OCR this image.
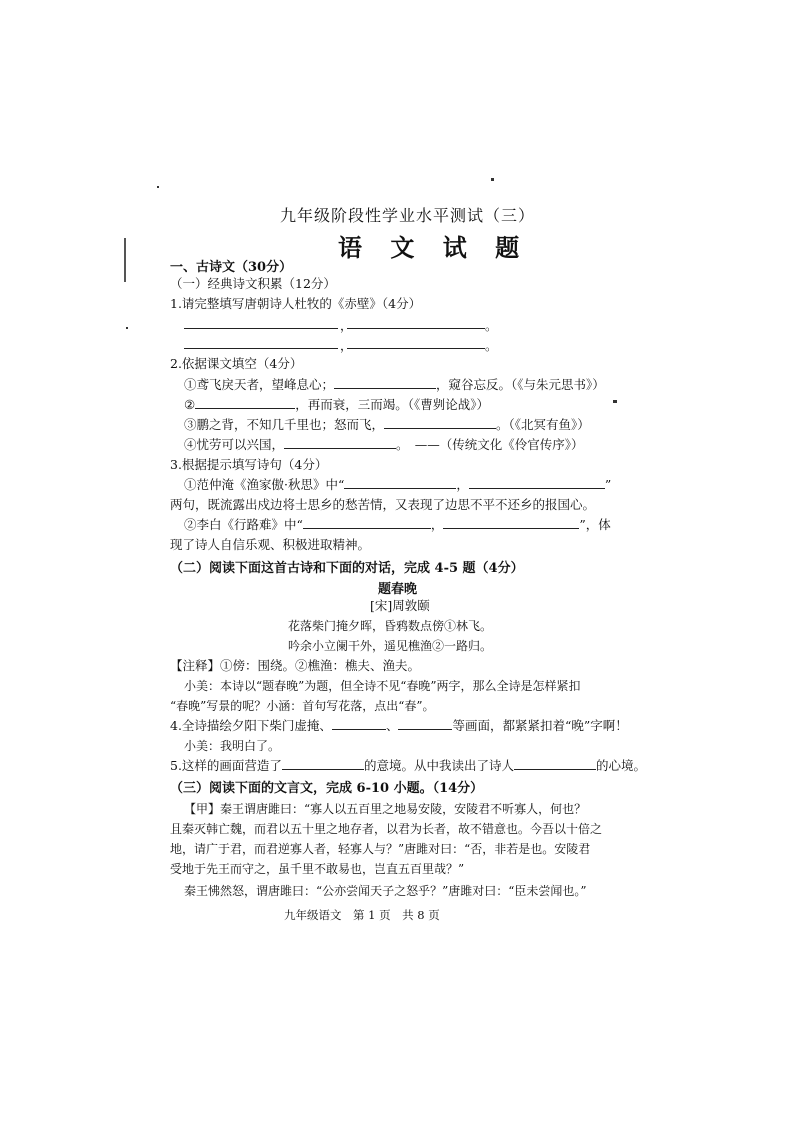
九年级阶段性学业水平测试（三）
语 文 试 题
一、古诗文（30分）
（一）经典诗文积累（12分）
1.请完整填写唐朝诗人杜牧的《赤壁》（4分）
，	。
，	。
2.依据课文填空（4分）
①鸢飞戾天者，望峰息心；	，窥谷忘反。（《与朱元思书》）
②	，再而衰，三而竭。（《曹刿论战》）
③鹏之背，不知几千里也；怒而飞，	。（《北冥有鱼》）
④忧劳可以兴国，	。　——（传统文化《伶官传序》）
3.根据提示填写诗句（4分）
①范仲淹《渔家傲·秋思》中“	，	”
两句，既流露出戍边将士思乡的愁苦情，又表现了边思不平不还乡的报国心。
②李白《行路难》中“	，	”，体
现了诗人自信乐观、积极进取精神。
（二）阅读下面这首古诗和下面的对话，完成 4-5 题（4分）
题春晚
[宋]周敦颐
花落柴门掩夕晖，昏鸦数点傍①林飞。
吟余小立阑干外，遥见樵渔②一路归。
【注释】①傍：围绕。②樵渔：樵夫、渔夫。
小美：本诗以“题春晚”为题，但全诗不见“春晚”两字，那么全诗是怎样紧扣
“春晚”写景的呢？小涵：首句写花落，点出“春”。
4.全诗描绘夕阳下柴门虚掩、	、	等画面，都紧紧扣着“晚”字啊！
小美：我明白了。
5.这样的画面营造了	的意境。从中我读出了诗人	的心境。
（三）阅读下面的文言文，完成 6-10 小题。（14分）
【甲】秦王谓唐雎曰：“寡人以五百里之地易安陵，安陵君不听寡人，何也？
且秦灭韩亡魏，而君以五十里之地存者，以君为长者，故不错意也。今吾以十倍之
地，请广于君，而君逆寡人者，轻寡人与？”唐雎对曰：“否，非若是也。安陵君
受地于先王而守之，虽千里不敢易也，岂直五百里哉？”
秦王怫然怒，谓唐雎曰：“公亦尝闻天子之怒乎？”唐雎对曰：“臣未尝闻也。”
九年级语文　第 1 页　共 8 页
